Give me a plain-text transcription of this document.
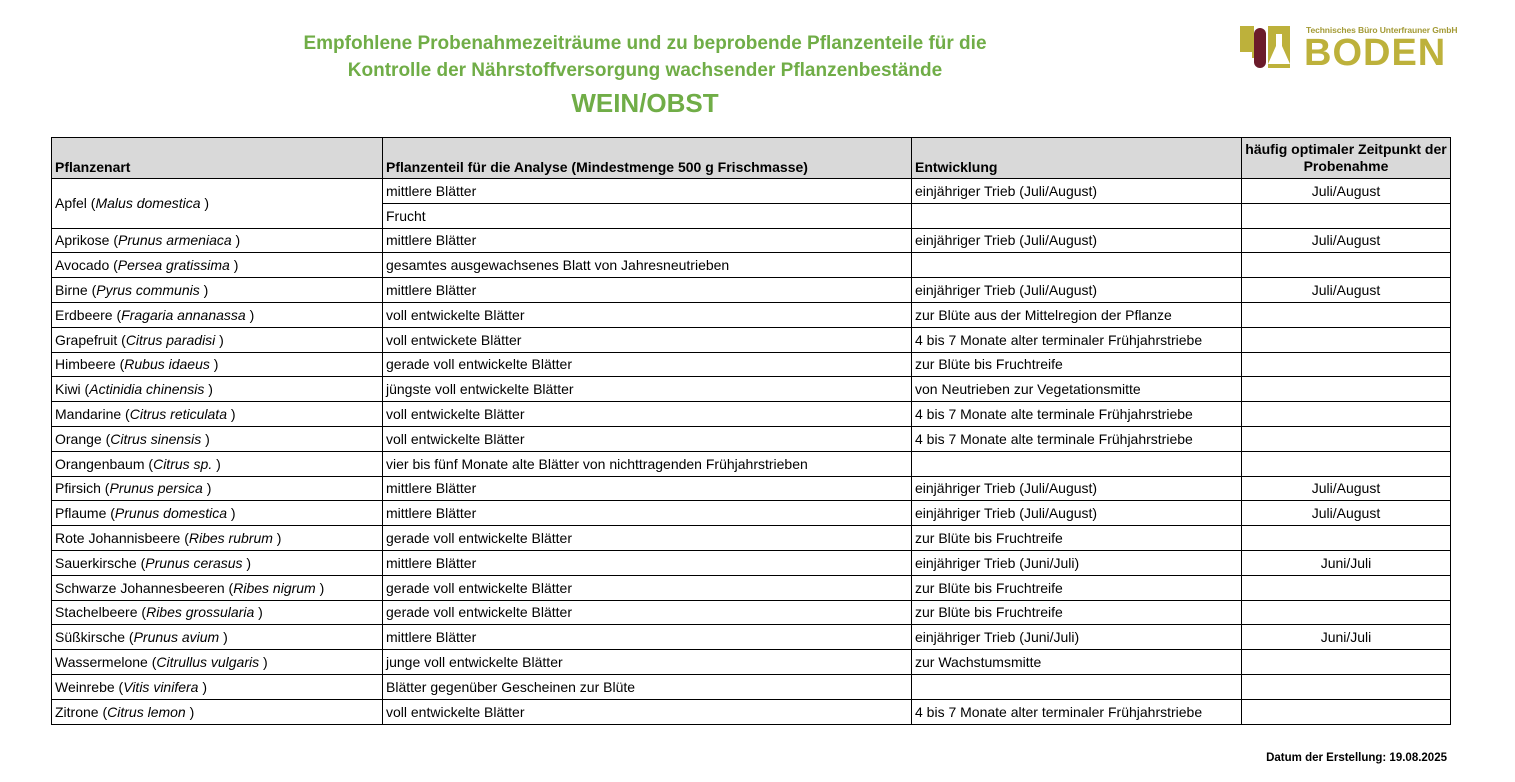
Empfohlene Probenahmezeiträume und zu beprobende Pflanzenteile für die
Kontrolle der Nährstoffversorgung wachsender Pflanzenbestände
WEIN/OBST
Technisches Büro Unterfrauner GmbH
BODEN
Pflanzenart	Pflanzenteil für die Analyse (Mindestmenge 500 g Frischmasse)	Entwicklung	häufig optimaler Zeitpunkt der Probenahme
Apfel (Malus domestica )	mittlere Blätter	einjähriger Trieb (Juli/August)	Juli/August
	Frucht		
Aprikose (Prunus armeniaca )	mittlere Blätter	einjähriger Trieb (Juli/August)	Juli/August
Avocado (Persea gratissima )	gesamtes ausgewachsenes Blatt von Jahresneutrieben		
Birne (Pyrus communis )	mittlere Blätter	einjähriger Trieb (Juli/August)	Juli/August
Erdbeere (Fragaria annanassa )	voll entwickelte Blätter	zur Blüte aus der Mittelregion der Pflanze	
Grapefruit (Citrus paradisi )	voll entwickete Blätter	4 bis 7 Monate alter terminaler Frühjahrstriebe	
Himbeere (Rubus idaeus )	gerade voll entwickelte Blätter	zur Blüte bis Fruchtreife	
Kiwi (Actinidia chinensis )	jüngste voll entwickelte Blätter	von Neutrieben zur Vegetationsmitte	
Mandarine (Citrus reticulata )	voll entwickelte Blätter	4 bis 7 Monate alte terminale Frühjahrstriebe	
Orange (Citrus sinensis )	voll entwickelte Blätter	4 bis 7 Monate alte terminale Frühjahrstriebe	
Orangenbaum (Citrus sp. )	vier bis fünf Monate alte Blätter von nichttragenden Frühjahrstrieben		
Pfirsich (Prunus persica )	mittlere Blätter	einjähriger Trieb (Juli/August)	Juli/August
Pflaume (Prunus domestica )	mittlere Blätter	einjähriger Trieb (Juli/August)	Juli/August
Rote Johannisbeere (Ribes rubrum )	gerade voll entwickelte Blätter	zur Blüte bis Fruchtreife	
Sauerkirsche (Prunus cerasus )	mittlere Blätter	einjähriger Trieb (Juni/Juli)	Juni/Juli
Schwarze Johannesbeeren (Ribes nigrum )	gerade voll entwickelte Blätter	zur Blüte bis Fruchtreife	
Stachelbeere (Ribes grossularia )	gerade voll entwickelte Blätter	zur Blüte bis Fruchtreife	
Süßkirsche (Prunus avium )	mittlere Blätter	einjähriger Trieb (Juni/Juli)	Juni/Juli
Wassermelone (Citrullus vulgaris )	junge voll entwickelte Blätter	zur Wachstumsmitte	
Weinrebe (Vitis vinifera )	Blätter gegenüber Gescheinen zur Blüte		
Zitrone (Citrus lemon )	voll entwickelte Blätter	4 bis 7 Monate alter terminaler Frühjahrstriebe	
Datum der Erstellung: 19.08.2025
